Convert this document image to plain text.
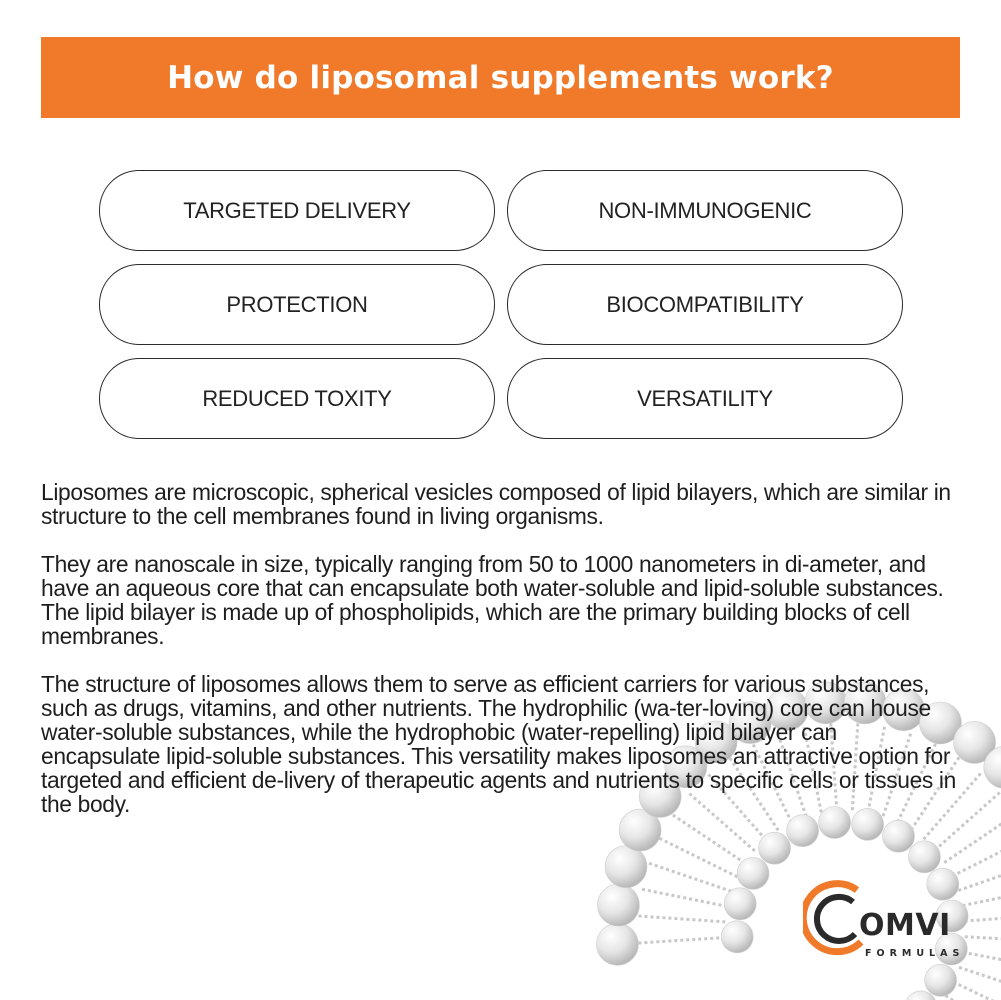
How do liposomal supplements work?
TARGETED DELIVERY	NON-IMMUNOGENIC
PROTECTION	BIOCOMPATIBILITY
REDUCED TOXITY	VERSATILITY

Liposomes are microscopic, spherical vesicles composed of lipid bilayers, which are similar in structure to the cell membranes found in living organisms.

They are nanoscale in size, typically ranging from 50 to 1000 nanometers in di-ameter, and have an aqueous core that can encapsulate both water-soluble and lipid-soluble substances. The lipid bilayer is made up of phospholipids, which are the primary building blocks of cell membranes.

The structure of liposomes allows them to serve as efficient carriers for various substances, such as drugs, vitamins, and other nutrients. The hydrophilic (wa-ter-loving) core can house water-soluble substances, while the hydrophobic (water-repelling) lipid bilayer can encapsulate lipid-soluble substances. This versatility makes liposomes an attractive option for targeted and efficient de-livery of therapeutic agents and nutrients to specific cells or tissues in the body.

OMVI
FORMULAS
